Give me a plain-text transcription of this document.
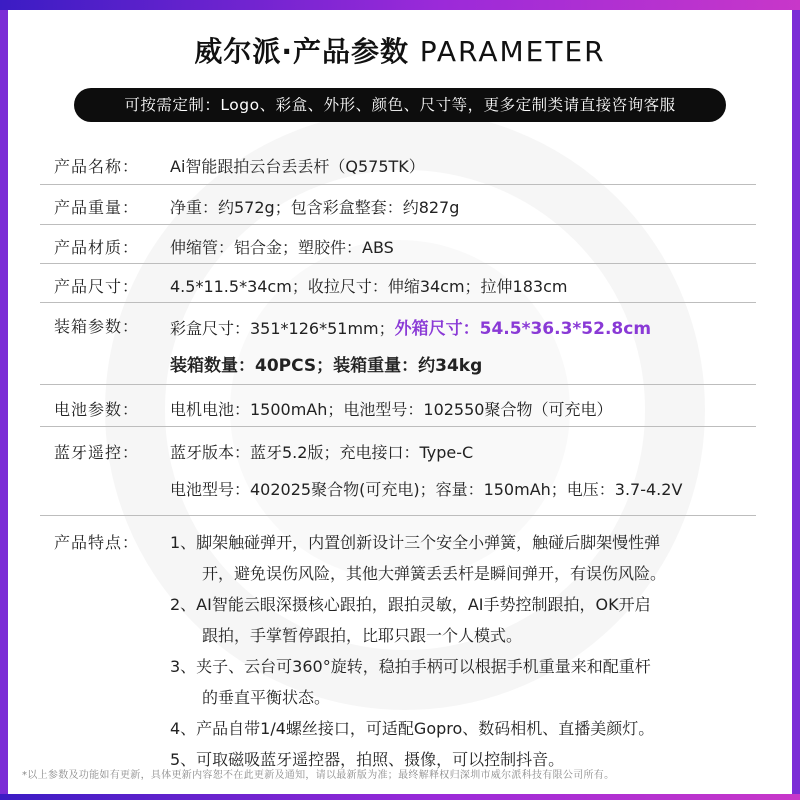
威尔派·产品参数 PARAMETER
可按需定制：Logo、彩盒、外形、颜色、尺寸等，更多定制类请直接咨询客服
产品名称： Ai智能跟拍云台丢丢杆（Q575TK）
产品重量： 净重：约572g；包含彩盒整套：约827g
产品材质： 伸缩管：铝合金；塑胶件：ABS
产品尺寸： 4.5*11.5*34cm；收拉尺寸：伸缩34cm；拉伸183cm
装箱参数： 彩盒尺寸：351*126*51mm；外箱尺寸：54.5*36.3*52.8cm
装箱数量：40PCS；装箱重量：约34kg
电池参数： 电机电池：1500mAh；电池型号：102550聚合物（可充电）
蓝牙遥控： 蓝牙版本：蓝牙5.2版；充电接口：Type-C
电池型号：402025聚合物(可充电)；容量：150mAh；电压：3.7-4.2V
产品特点： 1、脚架触碰弹开，内置创新设计三个安全小弹簧，触碰后脚架慢性弹
开，避免误伤风险，其他大弹簧丢丢杆是瞬间弹开，有误伤风险。
2、AI智能云眼深摄核心跟拍，跟拍灵敏，AI手势控制跟拍，OK开启
跟拍，手掌暂停跟拍，比耶只跟一个人模式。
3、夹子、云台可360°旋转，稳拍手柄可以根据手机重量来和配重杆
的垂直平衡状态。
4、产品自带1/4螺丝接口，可适配Gopro、数码相机、直播美颜灯。
5、可取磁吸蓝牙遥控器，拍照、摄像，可以控制抖音。
*以上参数及功能如有更新，具体更新内容恕不在此更新及通知，请以最新版为准；最终解释权归深圳市威尔派科技有限公司所有。
